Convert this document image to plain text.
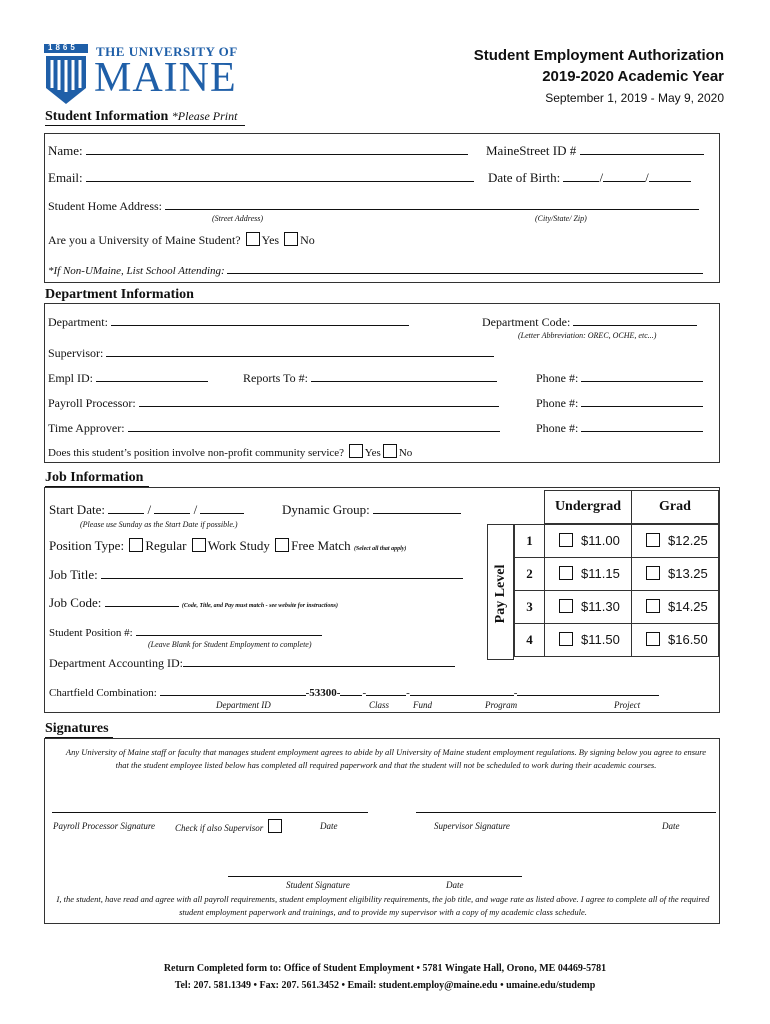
1865 THE UNIVERSITY OF
MAINE	Student Employment Authorization
2019-2020 Academic Year
September 1, 2019 - May 9, 2020
Student Information *Please Print
Name:	MaineStreet ID #
Email:	Date of Birth:	/	/
Student Home Address:
(Street Address)	(City/State/ Zip)
Are you a University of Maine Student? Yes No
*If Non-UMaine, List School Attending:
Department Information
Department:	Department Code:
(Letter Abbreviation: OREC, OCHE, etc...)
Supervisor:
Empl ID:	Reports To #:	Phone #:
Payroll Processor:	Phone #:
Time Approver:	Phone #:
Does this student’s position involve non-profit community service? Yes No
Job Information
Start Date:	/	/
(Please use Sunday as the Start Date if possible.)
Dynamic Group:
Position Type: Regular Work Study Free Match (Select all that apply)
Job Title:
Job Code:	(Code, Title, and Pay must match - see website for instructions)
Student Position #:
(Leave Blank for Student Employment to complete)
Department Accounting ID:
Chartfield Combination:	-53300- -	-	-
Department ID	Class	Fund	Program	Project
Pay Level
Undergrad	Grad
1	$11.00	$12.25
2	$11.15	$13.25
3	$11.30	$14.25
4	$11.50	$16.50
Signatures
Any University of Maine staff or faculty that manages student employment agrees to abide by all University of Maine student employment regulations. By signing below you agree to ensure that the student employee listed below has completed all required paperwork and that the student will not be scheduled to work during their academic courses.
Payroll Processor Signature Check if also Supervisor	Date	Supervisor Signature	Date
Student Signature	Date
I, the student, have read and agree with all payroll requirements, student employment eligibility requirements, the job title, and wage rate as listed above. I agree to complete all of the required student employment paperwork and trainings, and to provide my supervisor with a copy of my academic class schedule.
Return Completed form to: Office of Student Employment • 5781 Wingate Hall, Orono, ME 04469-5781
Tel: 207. 581.1349 • Fax: 207. 561.3452 • Email: student.employ@maine.edu • umaine.edu/studemp
